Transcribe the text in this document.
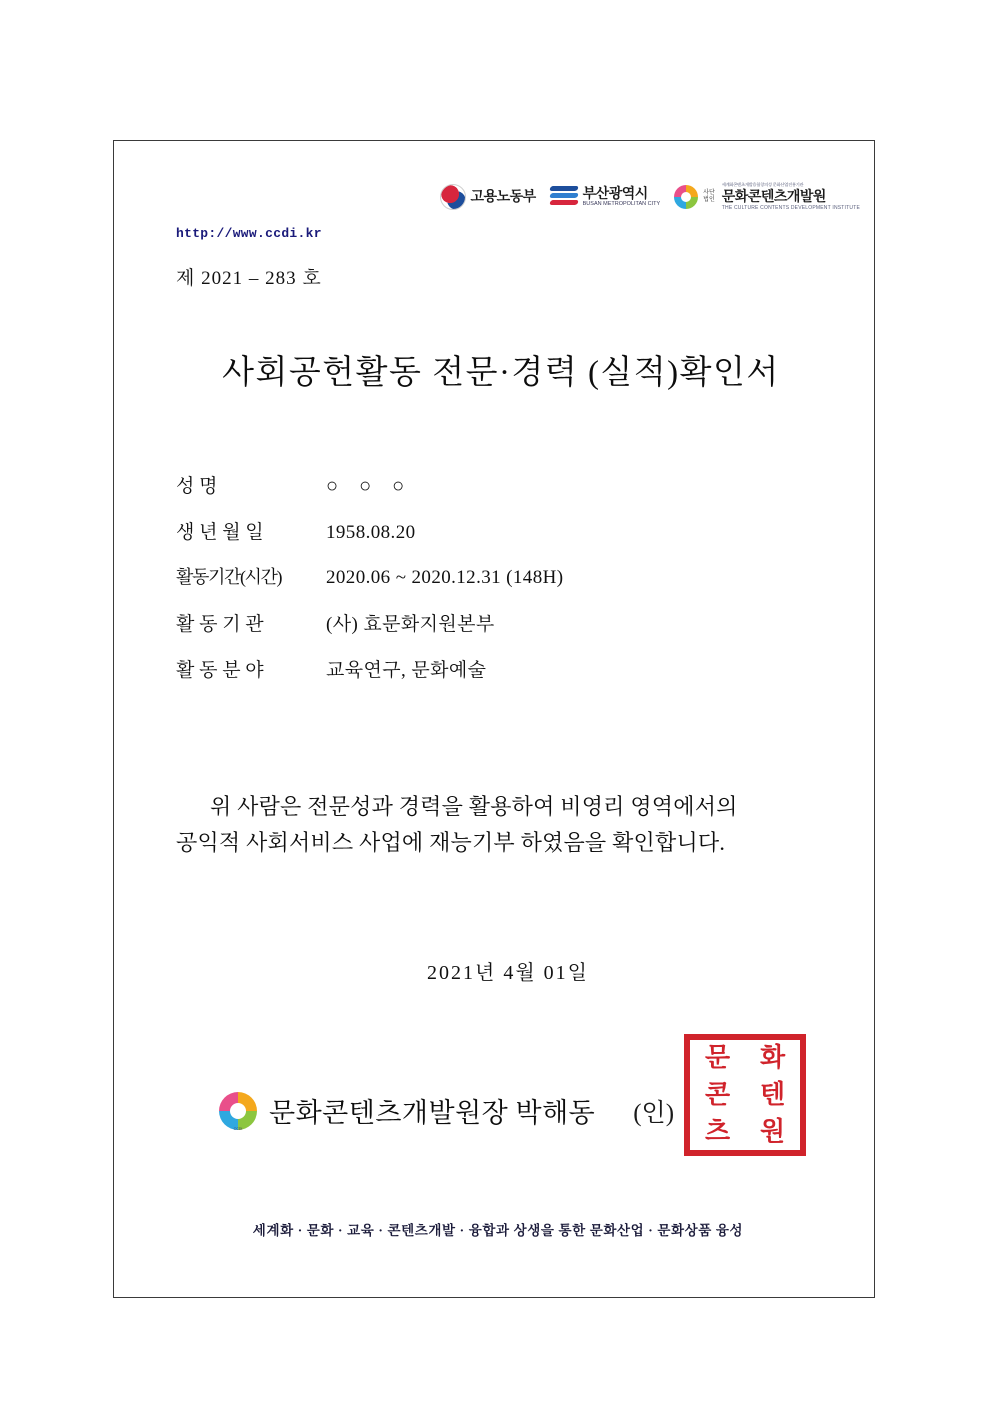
고용노동부	부산광역시
BUSAN METROPOLITAN CITY
사단
법인
세계화콘텐츠개발융합창의성 문화산업진흥기관
문화콘텐츠개발원
THE CULTURE CONTENTS DEVELOPMENT INSTITUTE
http://www.ccdi.kr
제 2021 – 283 호
사회공헌활동 전문·경력 (실적)확인서
성 명	○ ○ ○
생 년 월 일	1958.08.20
활동기간(시간)	2020.06 ~ 2020.12.31 (148H)
활 동 기 관	(사) 효문화지원본부
활 동 분 야	교육연구, 문화예술
위 사람은 전문성과 경력을 활용하여 비영리 영역에서의
공익적 사회서비스 사업에 재능기부 하였음을 확인합니다.
2021년 4월 01일
CCDI
문화콘텐츠개발원장 박해동 (인)
문 화
콘 텐
츠 원
세계화 · 문화 · 교육 · 콘텐츠개발 · 융합과 상생을 통한 문화산업 · 문화상품 융성
